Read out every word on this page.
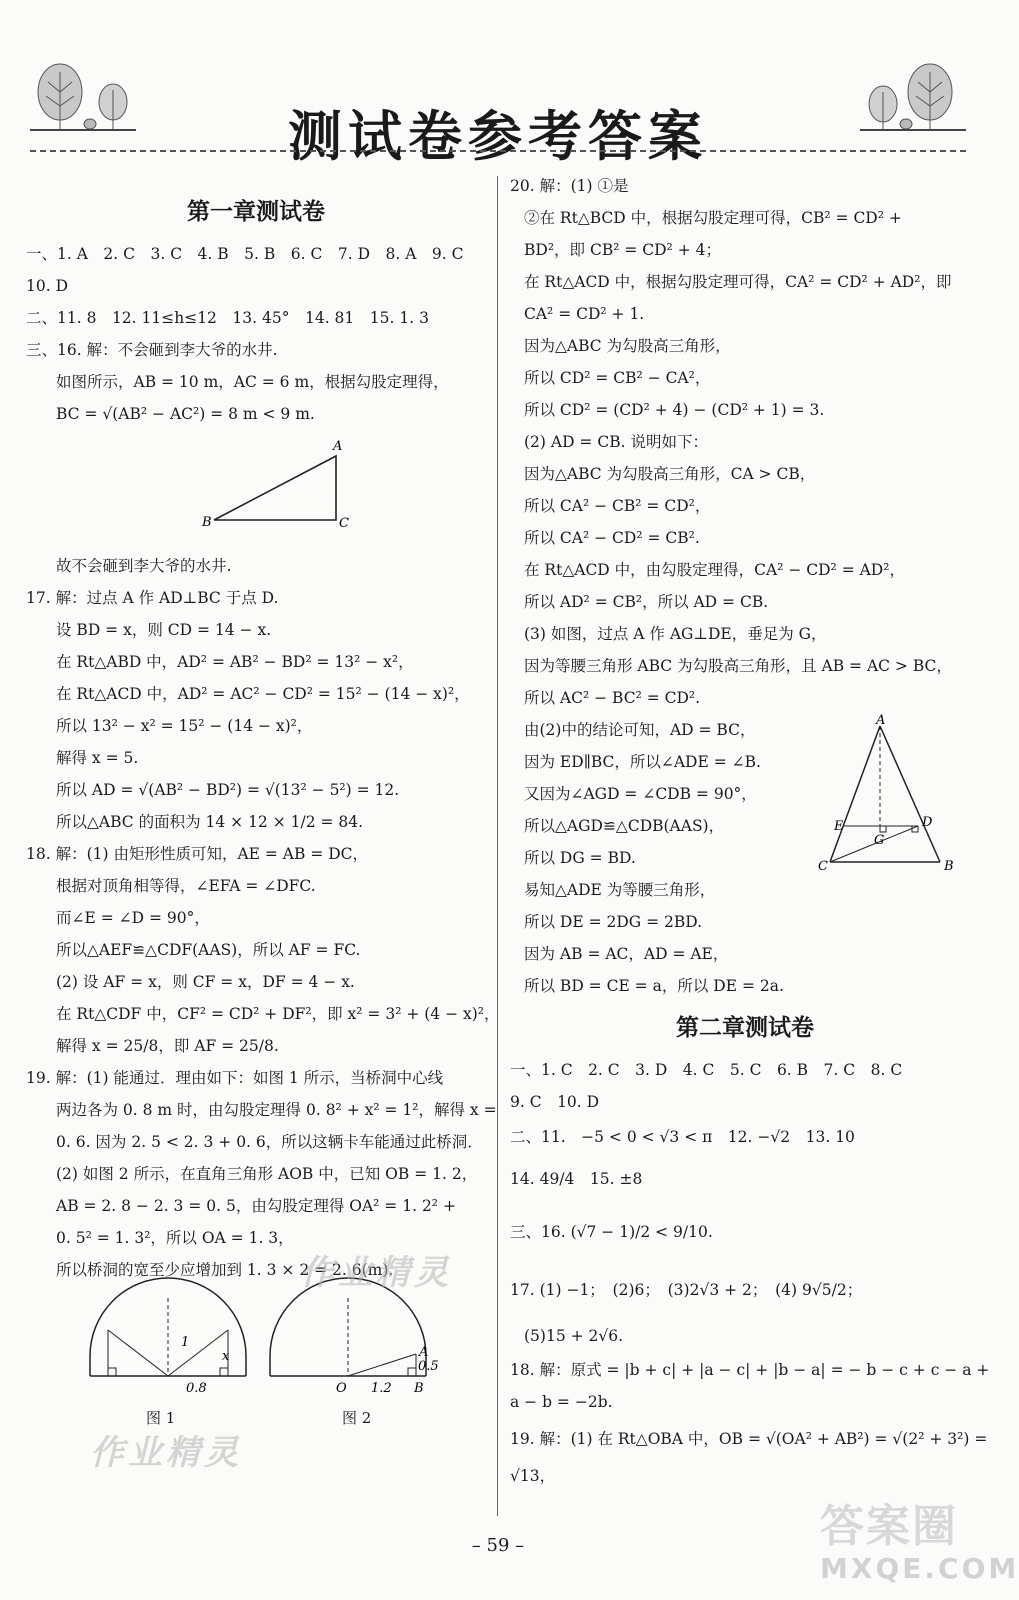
测试卷参考答案
第一章测试卷
一、1. A　2. C　3. C　4. B　5. B　6. C　7. D　8. A　9. C
10. D
二、11. 8　12. 11≤h≤12　13. 45°　14. 81　15. 1. 3
三、16. 解：不会砸到李大爷的水井.
如图所示，AB = 10 m，AC = 6 m，根据勾股定理得，
BC = √(AB² − AC²) = 8 m < 9 m.
A
B	C
故不会砸到李大爷的水井.
17. 解：过点 A 作 AD⊥BC 于点 D.
设 BD = x，则 CD = 14 − x.
在 Rt△ABD 中，AD² = AB² − BD² = 13² − x²，
在 Rt△ACD 中，AD² = AC² − CD² = 15² − (14 − x)²，
所以 13² − x² = 15² − (14 − x)²，
解得 x = 5.
所以 AD = √(AB² − BD²) = √(13² − 5²) = 12.
所以△ABC 的面积为 14 × 12 × 1/2 = 84.
18. 解：(1) 由矩形性质可知，AE = AB = DC，
根据对顶角相等得，∠EFA = ∠DFC.
而∠E = ∠D = 90°，
所以△AEF≌△CDF(AAS)，所以 AF = FC.
(2) 设 AF = x，则 CF = x，DF = 4 − x.
在 Rt△CDF 中，CF² = CD² + DF²，即 x² = 3² + (4 − x)²，
解得 x = 25/8，即 AF = 25/8.
19. 解：(1) 能通过．理由如下：如图 1 所示，当桥洞中心线
两边各为 0. 8 m 时，由勾股定理得 0. 8² + x² = 1²，解得 x =
0. 6. 因为 2. 5 < 2. 3 + 0. 6，所以这辆卡车能通过此桥洞．
(2) 如图 2 所示，在直角三角形 AOB 中，已知 OB = 1. 2，
AB = 2. 8 − 2. 3 = 0. 5，由勾股定理得 OA² = 1. 2² +
0. 5² = 1. 3²，所以 OA = 1. 3，
所以桥洞的宽至少应增加到 1. 3 × 2 = 2. 6(m).
1
x
0.8
A
0.5
O 1.2 B
图 1	图 2
20. 解：(1) ①是
②在 Rt△BCD 中，根据勾股定理可得，CB² = CD² +
BD²，即 CB² = CD² + 4；
在 Rt△ACD 中，根据勾股定理可得，CA² = CD² + AD²，即
CA² = CD² + 1.
因为△ABC 为勾股高三角形，
所以 CD² = CB² − CA²，
所以 CD² = (CD² + 4) − (CD² + 1) = 3.
(2) AD = CB. 说明如下：
因为△ABC 为勾股高三角形，CA > CB，
所以 CA² − CB² = CD²，
所以 CA² − CD² = CB².
在 Rt△ACD 中，由勾股定理得，CA² − CD² = AD²，
所以 AD² = CB²，所以 AD = CB.
(3) 如图，过点 A 作 AG⊥DE，垂足为 G，
因为等腰三角形 ABC 为勾股高三角形，且 AB = AC > BC，
所以 AC² − BC² = CD².
A
E
G
D
C	B
由(2)中的结论可知，AD = BC，
因为 ED∥BC，所以∠ADE = ∠B.
又因为∠AGD = ∠CDB = 90°，
所以△AGD≌△CDB(AAS)，
所以 DG = BD.
易知△ADE 为等腰三角形，
所以 DE = 2DG = 2BD.
因为 AB = AC，AD = AE，
所以 BD = CE = a，所以 DE = 2a.
第二章测试卷
一、1. C　2. C　3. D　4. C　5. C　6. B　7. C　8. C
9. C　10. D
二、11.　−5 < 0 < √3 < π　12. −√2　13. 10
14. 49/4　15. ±8
三、16. (√7 − 1)/2 < 9/10.
17. (1) −1；　(2)6；　(3)2√3 + 2；　(4) 9√5/2；
(5)15 + 2√6.
18. 解：原式 = |b + c| + |a − c| + |b − a| = − b − c + c − a +
a − b = −2b.
19. 解：(1) 在 Rt△OBA 中，OB = √(OA² + AB²) = √(2² + 3²) =
√13，
作业精灵
作业精灵
– 59 –	答案圈
MXQE.COM
